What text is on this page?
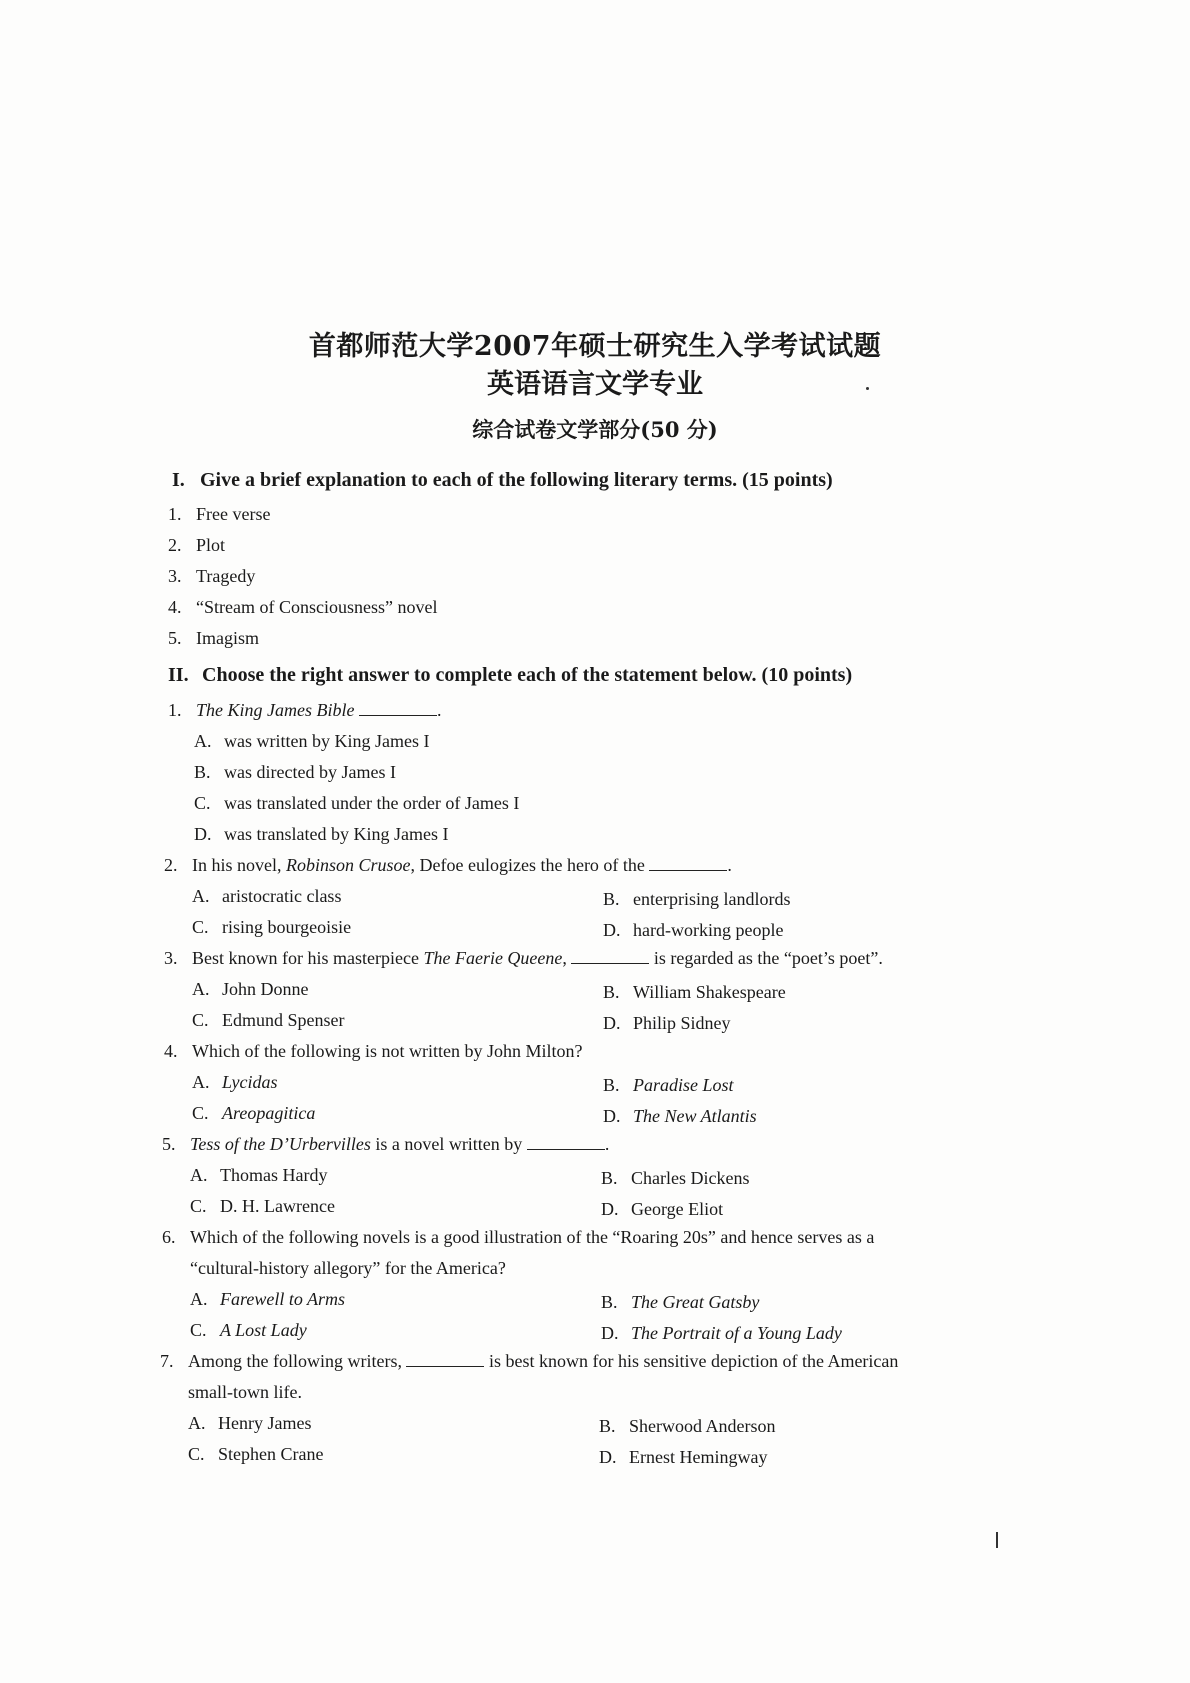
首都师范大学2007年硕士研究生入学考试试题
英语语言文学专业
综合试卷文学部分(50 分)
I. Give a brief explanation to each of the following literary terms. (15 points)
1. Free verse
2. Plot
3. Tragedy
4. “Stream of Consciousness” novel
5. Imagism
II. Choose the right answer to complete each of the statement below. (10 points)
1. The King James Bible	.
A. was written by King James I
B. was directed by James I
C. was translated under the order of James I
D. was translated by King James I
2. In his novel, Robinson Crusoe, Defoe eulogizes the hero of the	.
A. aristocratic class	B. enterprising landlords
C. rising bourgeoisie	D. hard-working people
3. Best known for his masterpiece The Faerie Queene,	is regarded as the “poet’s poet”.
A. John Donne	B. William Shakespeare
C. Edmund Spenser	D. Philip Sidney
4. Which of the following is not written by John Milton?
A. Lycidas	B. Paradise Lost
C. Areopagitica	D. The New Atlantis
5. Tess of the D’Urbervilles is a novel written by	.
A. Thomas Hardy	B. Charles Dickens
C. D. H. Lawrence	D. George Eliot
6. Which of the following novels is a good illustration of the “Roaring 20s” and hence serves as a
“cultural-history allegory” for the America?
A. Farewell to Arms	B. The Great Gatsby
C. A Lost Lady	D. The Portrait of a Young Lady
7. Among the following writers,	is best known for his sensitive depiction of the American
small-town life.
A. Henry James	B. Sherwood Anderson
C. Stephen Crane	D. Ernest Hemingway
